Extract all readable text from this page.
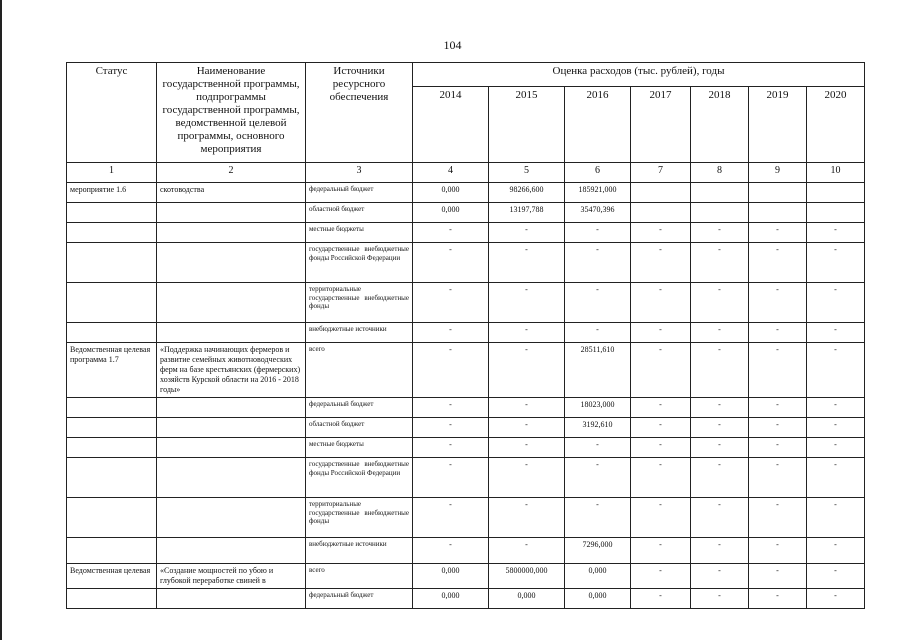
104
Статус	Наименование государственной программы, подпрограммы государственной программы, ведомственной целевой программы, основного мероприятия	Источники ресурсного обеспечения	Оценка расходов (тыс. рублей), годы						
			2014	2015	2016	2017	2018	2019	2020
1	2	3	4	5	6	7	8	9	10
мероприятие 1.6	скотоводства	федеральный бюджет	0,000	98266,600	185921,000				
		областной бюджет	0,000	13197,788	35470,396				
		местные бюджеты	-	-	-	-	-	-	-
		государственные внебюджетные фонды Российской Федерации	-	-	-	-	-	-	-
		территориальные государственные внебюджетные фонды	-	-	-	-	-	-	-
		внебюджетные источники	-	-	-	-	-	-	-
Ведомственная целевая программа 1.7	«Поддержка начинающих фермеров и развитие семейных животноводческих ферм на базе крестьянских (фермерских) хозяйств Курской области на 2016 - 2018 годы»	всего	-	-	28511,610	-	-	-	-
		федеральный бюджет	-	-	18023,000	-	-	-	-
		областной бюджет	-	-	3192,610	-	-	-	-
		местные бюджеты	-	-	-	-	-	-	-
		государственные внебюджетные фонды Российской Федерации	-	-	-	-	-	-	-
		территориальные государственные внебюджетные фонды	-	-	-	-	-	-	-
		внебюджетные источники	-	-	7296,000	-	-	-	-
Ведомственная целевая	«Создание мощностей по убою и глубокой переработке свиней в	всего	0,000	5800000,000	0,000	-	-	-	-
		федеральный бюджет	0,000	0,000	0,000	-	-	-	-
